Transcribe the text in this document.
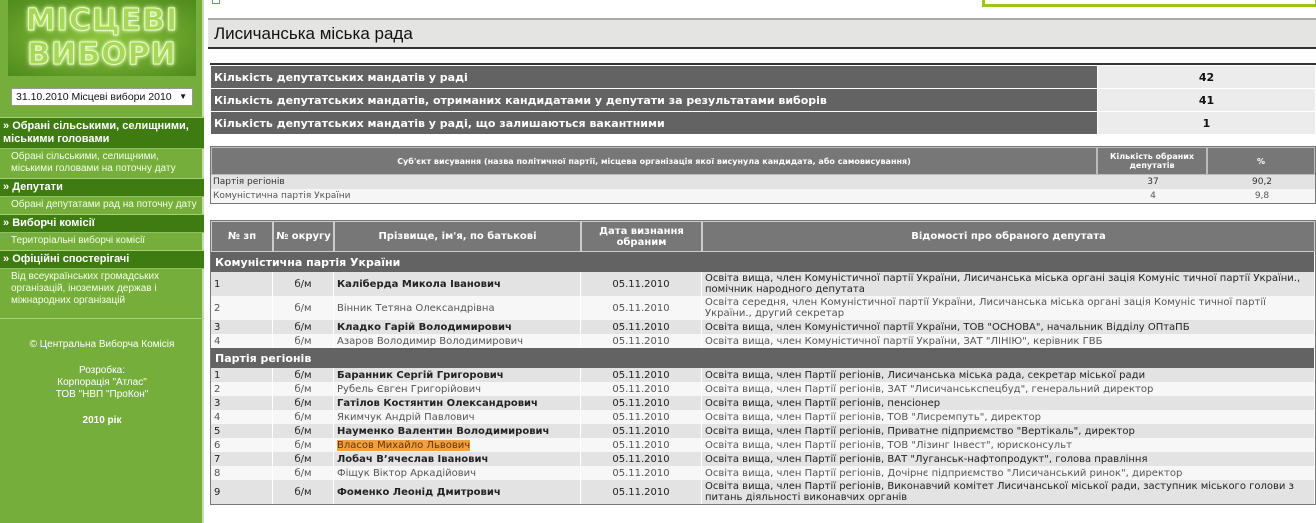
МІСЦЕВІ
ВИБОРИ
31.10.2010 Місцеві вибори 2010 ▼
» Обрані сільськими, селищними, міськими головами
Обрані сільськими, селищними, міськими головами на поточну дату
» Депутати
Обрані депутатами рад на поточну дату
» Виборчі комісії
Територіальні виборчі комісії
» Офіційні спостерігачі
Від всеукраїнських громадських організацій, іноземних держав і міжнародних організацій
© Центральна Виборча Комісія
Розробка:
Корпорація "Атлас"
ТОВ "НВП "ПроКон"
2010 рік
Лисичанська міська рада
Кількість депутатських мандатів у раді	42
Кількість депутатських мандатів, отриманих кандидатами у депутати за результатами виборів	41
Кількість депутатських мандатів у раді, що залишаються вакантними	1
Суб'єкт висування (назва політичної партії, місцева організація якої висунула кандидата, або самовисування)	Кількість обраних депутатів	%
Партія регіонів	37	90,2
Комуністична партія України	4	9,8
№ зп	№ округу	Прізвище, ім'я, по батькові	Дата визнання обраним	Відомості про обраного депутата
Комуністична партія України				
1	б/м	Каліберда Микола Іванович	05.11.2010	Освіта вища, член Комуністичної партії України, Лисичанська міська органі зація Комуніс тичної партії України., помічник народного депутата
2	б/м	Вінник Тетяна Олександрівна	05.11.2010	Освіта середня, член Комуністичної партії України, Лисичанська міська органі зація Комуніс тичної партії України., другий секретар
3	б/м	Кладко Гарій Володимирович	05.11.2010	Освіта вища, член Комуністичної партії України, ТОВ "ОСНОВА", начальник Відділу ОПтаПБ
4	б/м	Азаров Володимир Володимирович	05.11.2010	Освіта вища, член Комуністичної партії України, ЗАТ "ЛІНІЮ", керівник ГВБ
Партія регіонів				
1	б/м	Баранник Сергій Григорович	05.11.2010	Освіта вища, член Партії регіонів, Лисичанська міська рада, секретар міської ради
2	б/м	Рубель Євген Григорійович	05.11.2010	Освіта вища, член Партії регіонів, ЗАТ "Лисичанськспецбуд", генеральний директор
3	б/м	Гатілов Костянтин Олександрович	05.11.2010	Освіта вища, член Партії регіонів, пенсіонер
4	б/м	Якимчук Андрій Павлович	05.11.2010	Освіта вища, член Партії регіонів, ТОВ "Лисремпуть", директор
5	б/м	Науменко Валентин Володимирович	05.11.2010	Освіта вища, член Партії регіонів, Приватне підприємство "Вертікаль", директор
6	б/м	Власов Михайло Львович	05.11.2010	Освіта вища, член Партії регіонів, ТОВ "Лізинг Інвест", юрисконсульт
7	б/м	Лобач В’ячеслав Іванович	05.11.2010	Освіта вища, член Партії регіонів, ВАТ "Луганськ-нафтопродукт", голова правління
8	б/м	Фіщук Віктор Аркадійович	05.11.2010	Освіта вища, член Партії регіонів, Дочірнє підприємство "Лисичанський ринок", директор
9	б/м	Фоменко Леонід Дмитрович	05.11.2010	Освіта вища, член Партії регіонів, Виконавчий комітет Лисичанської міської ради, заступник міського голови з питань діяльності виконавчих органів
